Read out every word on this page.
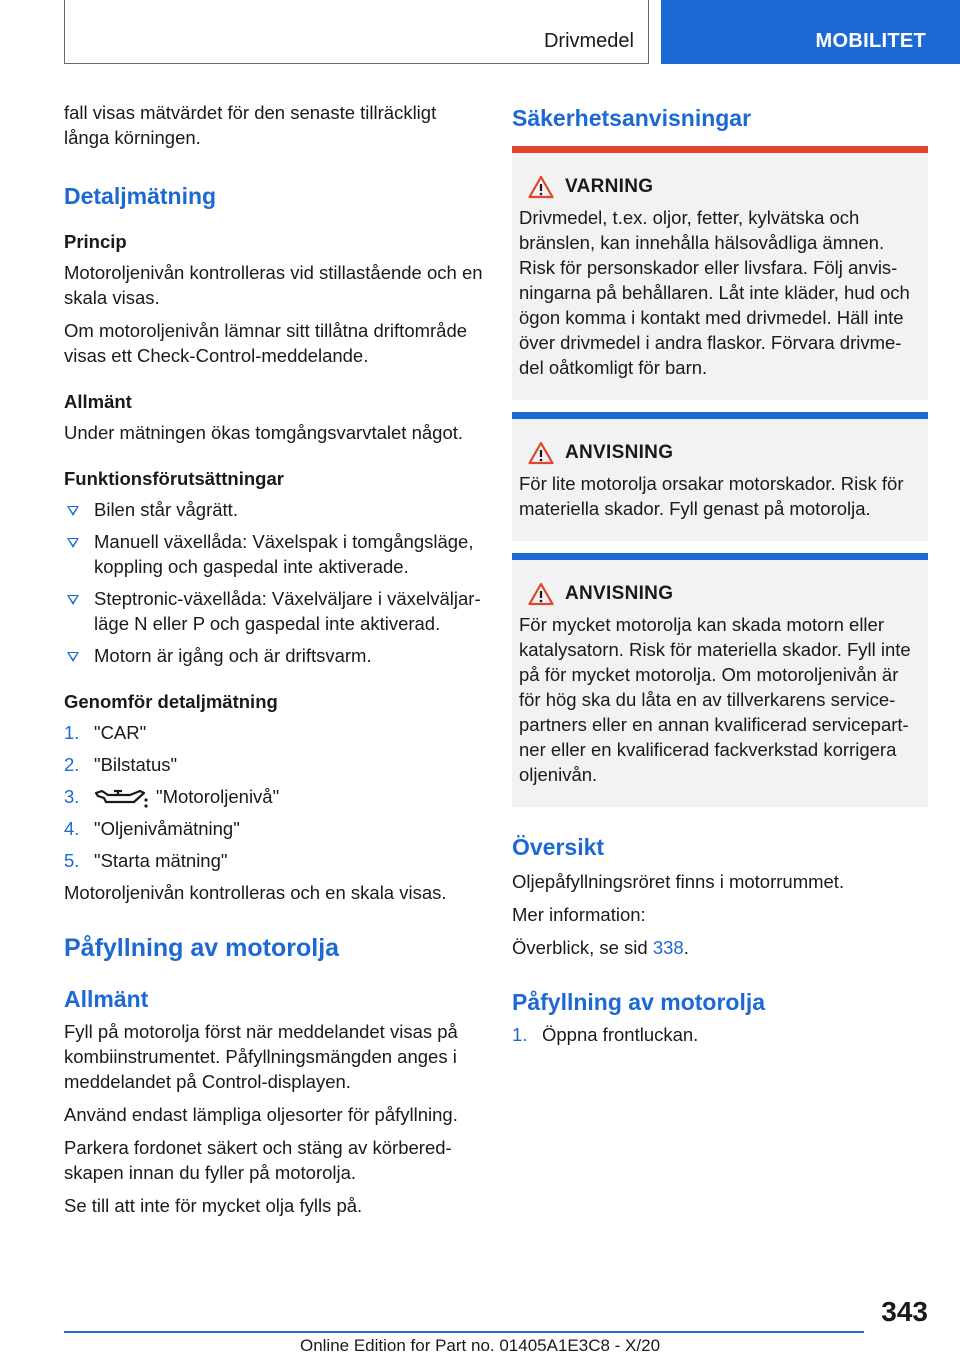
Drivmedel	MOBILITET

fall visas mätvärdet för den senaste tillräckligt långa körningen.

Detaljmätning
Princip

Motoroljenivån kontrolleras vid stillastående och en skala visas.

Om motoroljenivån lämnar sitt tillåtna driftområde visas ett Check-Control-meddelande.

Allmänt

Under mätningen ökas tomgångsvarvtalet något.

Funktionsförutsättningar
Bilen står vågrätt.
Manuell växellåda: Växelspak i tomgångsläge, koppling och gaspedal inte aktiverade.
Steptronic-växellåda: Växelväljare i växelväljar- läge N eller P och gaspedal inte aktiverad.
Motorn är igång och är driftsvarm.
Genomför detaljmätning
1. "CAR"
2. "Bilstatus"
3.	"Motoroljenivå"
4. "Oljenivåmätning"
5. "Starta mätning"

Motoroljenivån kontrolleras och en skala visas.

Påfyllning av motorolja
Allmänt

Fyll på motorolja först när meddelandet visas på kombiinstrumentet. Påfyllningsmängden anges i meddelandet på Control-displayen.

Använd endast lämpliga oljesorter för påfyllning.

Parkera fordonet säkert och stäng av körbered- skapen innan du fyller på motorolja.

Se till att inte för mycket olja fylls på.

Säkerhetsanvisningar
VARNING

Drivmedel, t.ex. oljor, fetter, kylvätska och bränslen, kan innehålla hälsovådliga ämnen. Risk för personskador eller livsfara. Följ anvis- ningarna på behållaren. Låt inte kläder, hud och ögon komma i kontakt med drivmedel. Häll inte över drivmedel i andra flaskor. Förvara drivme- del oåtkomligt för barn.

ANVISNING

För lite motorolja orsakar motorskador. Risk för materiella skador. Fyll genast på motorolja.

ANVISNING

För mycket motorolja kan skada motorn eller katalysatorn. Risk för materiella skador. Fyll inte på för mycket motorolja. Om motoroljenivån är för hög ska du låta en av tillverkarens service- partners eller en annan kvalificerad servicepart- ner eller en kvalificerad fackverkstad korrigera oljenivån.

Översikt

Oljepåfyllningsröret finns i motorrummet.

Mer information:

Överblick, se sid 338.

Påfyllning av motorolja
1. Öppna frontluckan.
343
Online Edition for Part no. 01405A1E3C8 - X/20
